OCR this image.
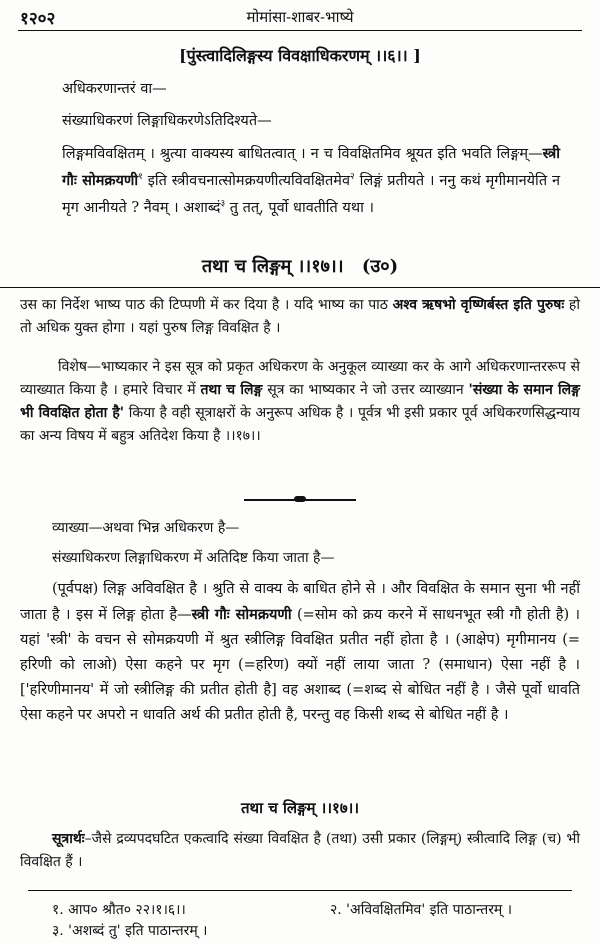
१२०२	मोमांसा-शाबर-भाष्ये
[पुंस्त्वादिलिङ्गस्य विवक्षाधिकरणम् ।।६।। ]

अधिकरणान्तरं वा—

संख्याधिकरणं लिङ्गाधिकरणेऽतिदिश्यते—

लिङ्गमविवक्षितम् । श्रुत्या वाक्यस्य बाधितत्वात् । न च विवक्षितमिव श्रूयत इति भवति लिङ्गम्—स्त्री गौः सोमक्रयणी$^१$ इति स्त्रीवचनात्सोमक्रयणीत्यविवक्षितमेव$^२$ लिङ्गं प्रतीयते । ननु कथं मृगीमानयेति न मृग आनीयते ? नैवम् । अशाब्दं$^३$ तु तत्, पूर्वो धावतीति यथा ।

तथा च लिङ्गम् ।।१७।। (उ०)

उस का निर्देश भाष्य पाठ की टिप्पणी में कर दिया है । यदि भाष्य का पाठ अश्व ऋषभो वृष्णिर्बस्त इति पुरुषः हो तो अधिक युक्त होगा । यहां पुरुष लिङ्ग विवक्षित है ।

विशेष—भाष्यकार ने इस सूत्र को प्रकृत अधिकरण के अनुकूल व्याख्या कर के आगे अधिकरणान्तररूप से व्याख्यात किया है । हमारे विचार में तथा च लिङ्ग सूत्र का भाष्यकार ने जो उत्तर व्याख्यान 'संख्या के समान लिङ्ग भी विवक्षित होता है' किया है वही सूत्राक्षरों के अनुरूप अधिक है । पूर्वत्र भी इसी प्रकार पूर्व अधिकरणसिद्धन्याय का अन्य विषय में बहुत्र अतिदेश किया है ।।१७।।

व्याख्या—अथवा भिन्न अधिकरण है—

संख्याधिकरण लिङ्गाधिकरण में अतिदिष्ट किया जाता है—

(पूर्वपक्ष) लिङ्ग अविवक्षित है । श्रुति से वाक्य के बाधित होने से । और विवक्षित के समान सुना भी नहीं जाता है । इस में लिङ्ग होता है—स्त्री गौः सोमक्रयणी (=सोम को क्रय करने में साधनभूत स्त्री गौ होती है) । यहां 'स्त्री' के वचन से सोमक्रयणी में श्रुत स्त्रीलिङ्ग विवक्षित प्रतीत नहीं होता है । (आक्षेप) मृगीमानय (= हरिणी को लाओ) ऐसा कहने पर मृग (=हरिण) क्यों नहीं लाया जाता ? (समाधान) ऐसा नहीं है । ['हरिणीमानय' में जो स्त्रीलिङ्ग की प्रतीत होती है] वह अशाब्द (=शब्द से बोधित नहीं है । जैसे पूर्वो धावति ऐसा कहने पर अपरो न धावति अर्थ की प्रतीत होती है, परन्तु वह किसी शब्द से बोधित नहीं है ।

तथा च लिङ्गम् ।।१७।।

सूत्रार्थः–जैसे द्रव्यपदघटित एकत्वादि संख्या विवक्षित है (तथा) उसी प्रकार (लिङ्गम्) स्त्रीत्वादि लिङ्ग (च) भी विवक्षित हैं ।

१. आप० श्रौत० २२।१।६।।	२. 'अविवक्षितमिव' इति पाठान्तरम् ।
३. 'अशब्दं तु' इति पाठान्तरम् ।
